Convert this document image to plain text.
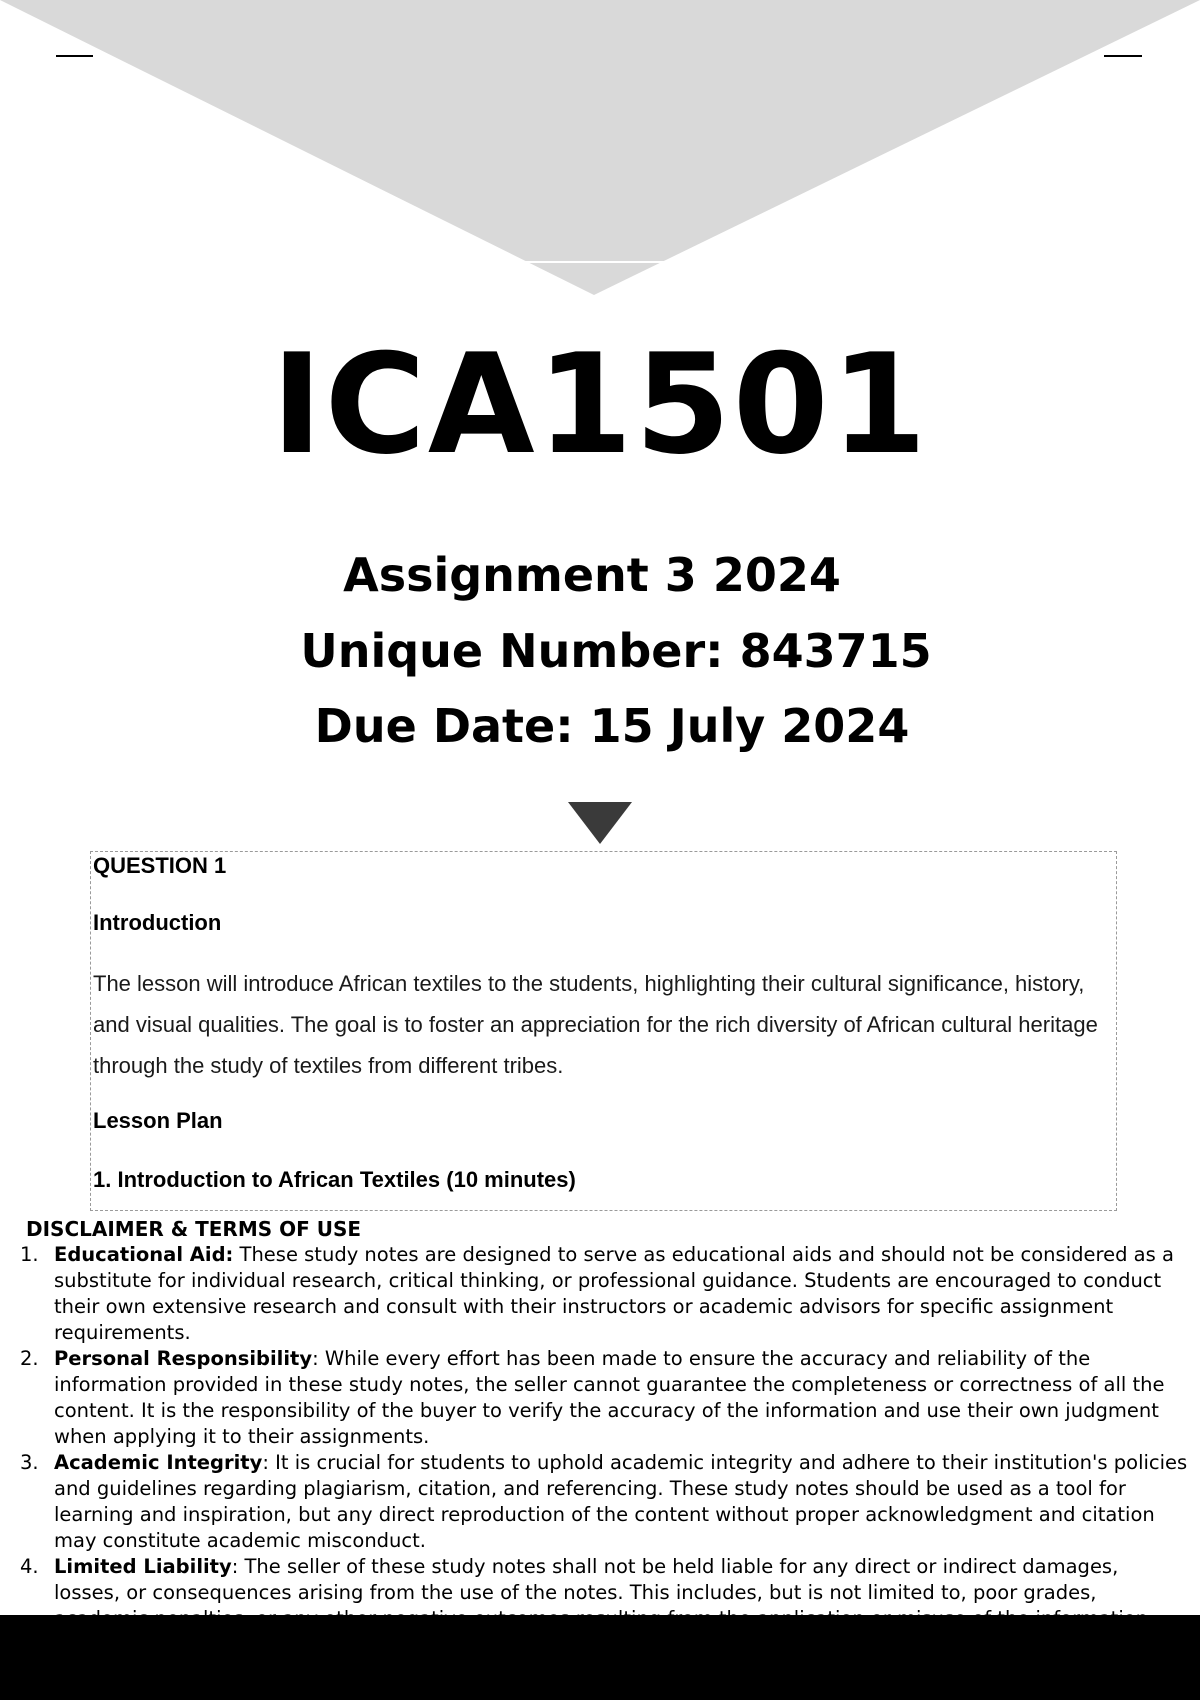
ICA1501
Assignment 3 2024
Unique Number: 843715
Due Date: 15 July 2024

QUESTION 1

Introduction

The lesson will introduce African textiles to the students, highlighting their cultural significance, history, and visual qualities. The goal is to foster an appreciation for the rich diversity of African cultural heritage through the study of textiles from different tribes.

Lesson Plan

1. Introduction to African Textiles (10 minutes)

DISCLAIMER & TERMS OF USE
1. Educational Aid: These study notes are designed to serve as educational aids and should not be considered as a substitute for individual research, critical thinking, or professional guidance. Students are encouraged to conduct their own extensive research and consult with their instructors or academic advisors for specific assignment requirements.
2. Personal Responsibility: While every effort has been made to ensure the accuracy and reliability of the information provided in these study notes, the seller cannot guarantee the completeness or correctness of all the content. It is the responsibility of the buyer to verify the accuracy of the information and use their own judgment when applying it to their assignments.
3. Academic Integrity: It is crucial for students to uphold academic integrity and adhere to their institution's policies and guidelines regarding plagiarism, citation, and referencing. These study notes should be used as a tool for learning and inspiration, but any direct reproduction of the content without proper acknowledgment and citation may constitute academic misconduct.
4. Limited Liability: The seller of these study notes shall not be held liable for any direct or indirect damages, losses, or consequences arising from the use of the notes. This includes, but is not limited to, poor grades,
